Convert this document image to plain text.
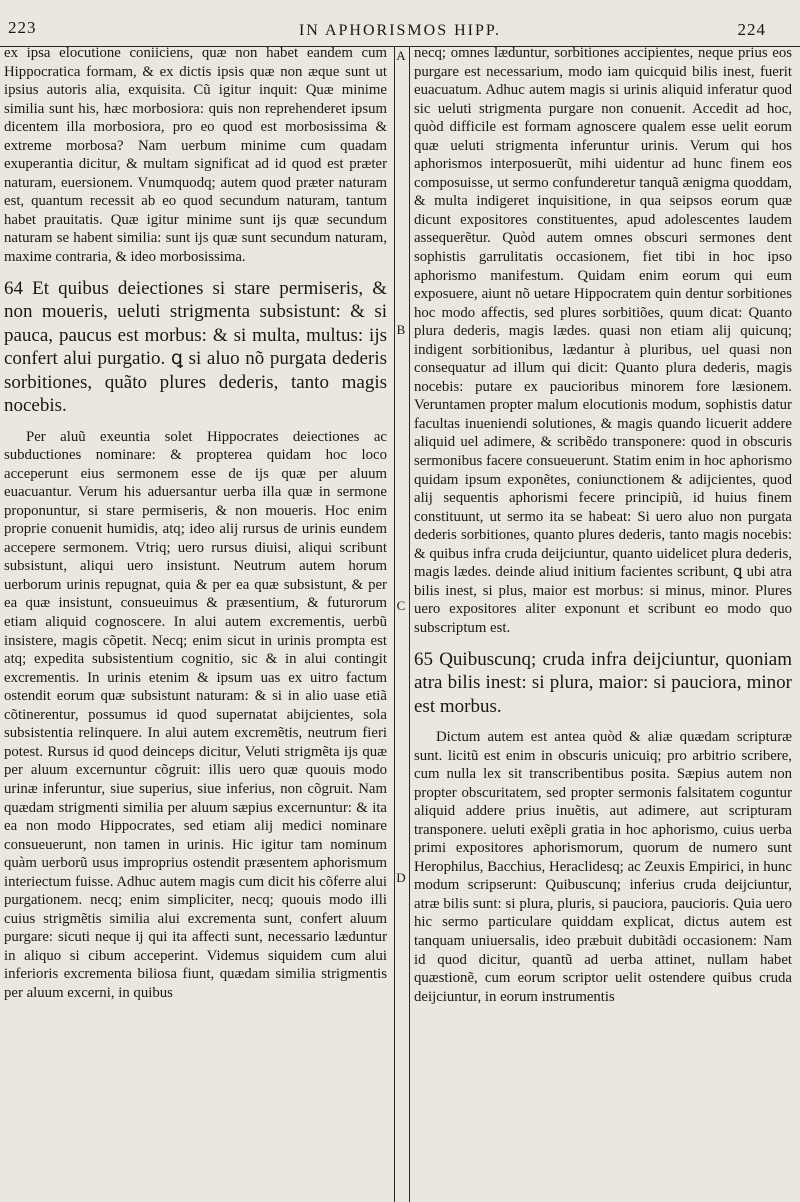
223	IN APHORISMOS HIPP.	224
A
B
C
D

ex ipsa elocutione coniiciens, quæ non habet eandem cum Hippocratica formam, & ex dictis ipsis quæ non æque sunt ut ipsius autoris alia, exquisita. Cũ igitur inquit: Quæ minime similia sunt his, hæc morbosiora: quis non reprehenderet ipsum dicentem illa morbosiora, pro eo quod est morbosissima & extreme morbosa? Nam uerbum minime cum quadam exuperantia dicitur, & multam significat ad id quod est præter naturam, euersionem. Vnumquodq; autem quod præter naturam est, quantum recessit ab eo quod secundum naturam, tantum habet prauitatis. Quæ igitur minime sunt ijs quæ secundum naturam se habent similia: sunt ijs quæ sunt secundum naturam, maxime contraria, & ideo morbosissima.

64 Et quibus deiectiones si stare permiseris, & non moueris, ueluti strigmenta subsistunt: & si pauca, paucus est morbus: & si multa, multus: ijs confert alui purgatio. ꝗ si aluo nõ purgata dederis sorbitiones, quãto plures dederis, tanto magis nocebis.

Per aluũ exeuntia solet Hippocrates deiectiones ac subductiones nominare: & propterea quidam hoc loco acceperunt eius sermonem esse de ijs quæ per aluum euacuantur. Verum his aduersantur uerba illa quæ in sermone proponuntur, si stare permiseris, & non moueris. Hoc enim proprie conuenit humidis, atq; ideo alij rursus de urinis eundem accepere sermonem. Vtriq; uero rursus diuisi, aliqui scribunt subsistunt, aliqui uero insistunt. Neutrum autem horum uerborum urinis repugnat, quia & per ea quæ subsistunt, & per ea quæ insistunt, consueuimus & præsentium, & futurorum etiam aliquid cognoscere. In alui autem excrementis, uerbũ insistere, magis cõpetit. Necq; enim sicut in urinis prompta est atq; expedita subsistentium cognitio, sic & in alui contingit excrementis. In urinis etenim & ipsum uas ex uitro factum ostendit eorum quæ subsistunt naturam: & si in alio uase etiã cõtinerentur, possumus id quod supernatat abijcientes, sola subsistentia relinquere. In alui autem excremẽtis, neutrum fieri potest. Rursus id quod deinceps dicitur, Veluti strigmẽta ijs quæ per aluum excernuntur cõgruit: illis uero quæ quouis modo urinæ inferuntur, siue superius, siue inferius, non cõgruit. Nam quædam strigmenti similia per aluum sæpius excernuntur: & ita ea non modo Hippocrates, sed etiam alij medici nominare consueuerunt, non tamen in urinis. Hic igitur tam nominum quàm uerborũ usus improprius ostendit præsentem aphorismum interiectum fuisse. Adhuc autem magis cum dicit his cõferre alui purgationem. necq; enim simpliciter, necq; quouis modo illi cuius strigmẽtis similia alui excrementa sunt, confert aluum purgare: sicuti neque ij qui ita affecti sunt, necessario læduntur in aliquo si cibum acceperint. Videmus siquidem cum alui inferioris excrementa biliosa fiunt, quædam similia strigmentis per aluum excerni, in quibus

necq; omnes læduntur, sorbitiones accipientes, neque prius eos purgare est necessarium, modo iam quicquid bilis inest, fuerit euacuatum. Adhuc autem magis si urinis aliquid inferatur quod sic ueluti strigmenta purgare non conuenit. Accedit ad hoc, quòd difficile est formam agnoscere qualem esse uelit eorum quæ ueluti strigmenta inferuntur urinis. Verum qui hos aphorismos interposuerũt, mihi uidentur ad hunc finem eos composuisse, ut sermo confunderetur tanquã ænigma quoddam, & multa indigeret inquisitione, in qua seipsos eorum quæ dicunt expositores constituentes, apud adolescentes laudem assequerẽtur. Quòd autem omnes obscuri sermones dent sophistis garrulitatis occasionem, fiet tibi in hoc ipso aphorismo manifestum. Quidam enim eorum qui eum exposuere, aiunt nõ uetare Hippocratem quin dentur sorbitiones hoc modo affectis, sed plures sorbitiões, quum dicat: Quanto plura dederis, magis lædes. quasi non etiam alij quicunq; indigent sorbitionibus, lædantur à pluribus, uel quasi non consequatur ad illum qui dicit: Quanto plura dederis, magis nocebis: putare ex paucioribus minorem fore læsionem. Veruntamen propter malum elocutionis modum, sophistis datur facultas inueniendi solutiones, & magis quando licuerit addere aliquid uel adimere, & scribẽdo transponere: quod in obscuris sermonibus facere consueuerunt. Statim enim in hoc aphorismo quidam ipsum exponẽtes, coniunctionem & adijcientes, quod alij sequentis aphorismi fecere principiũ, id huius finem constituunt, ut sermo ita se habeat: Si uero aluo non purgata dederis sorbitiones, quanto plures dederis, tanto magis nocebis: & quibus infra cruda deijciuntur, quanto uidelicet plura dederis, magis lædes. deinde aliud initium facientes scribunt, ꝗ ubi atra bilis inest, si plus, maior est morbus: si minus, minor. Plures uero expositores aliter exponunt et scribunt eo modo quo subscriptum est.

65 Quibuscunq; cruda infra deijciuntur, quoniam atra bilis inest: si plura, maior: si pauciora, minor est morbus.

Dictum autem est antea quòd & aliæ quædam scripturæ sunt. licitũ est enim in obscuris unicuiq; pro arbitrio scribere, cum nulla lex sit transcribentibus posita. Sæpius autem non propter obscuritatem, sed propter sermonis falsitatem coguntur aliquid addere prius inuẽtis, aut adimere, aut scripturam transponere. ueluti exẽpli gratia in hoc aphorismo, cuius uerba primi expositores aphorismorum, quorum de numero sunt Herophilus, Bacchius, Heraclidesq; ac Zeuxis Empirici, in hunc modum scripserunt: Quibuscunq; inferius cruda deijciuntur, atræ bilis sunt: si plura, pluris, si pauciora, paucioris. Quia uero hic sermo particulare quiddam explicat, dictus autem est tanquam uniuersalis, ideo præbuit dubitãdi occasionem: Nam id quod dicitur, quantũ ad uerba attinet, nullam habet quæstionẽ, cum eorum scriptor uelit ostendere quibus cruda deijciuntur, in eorum instrumentis
